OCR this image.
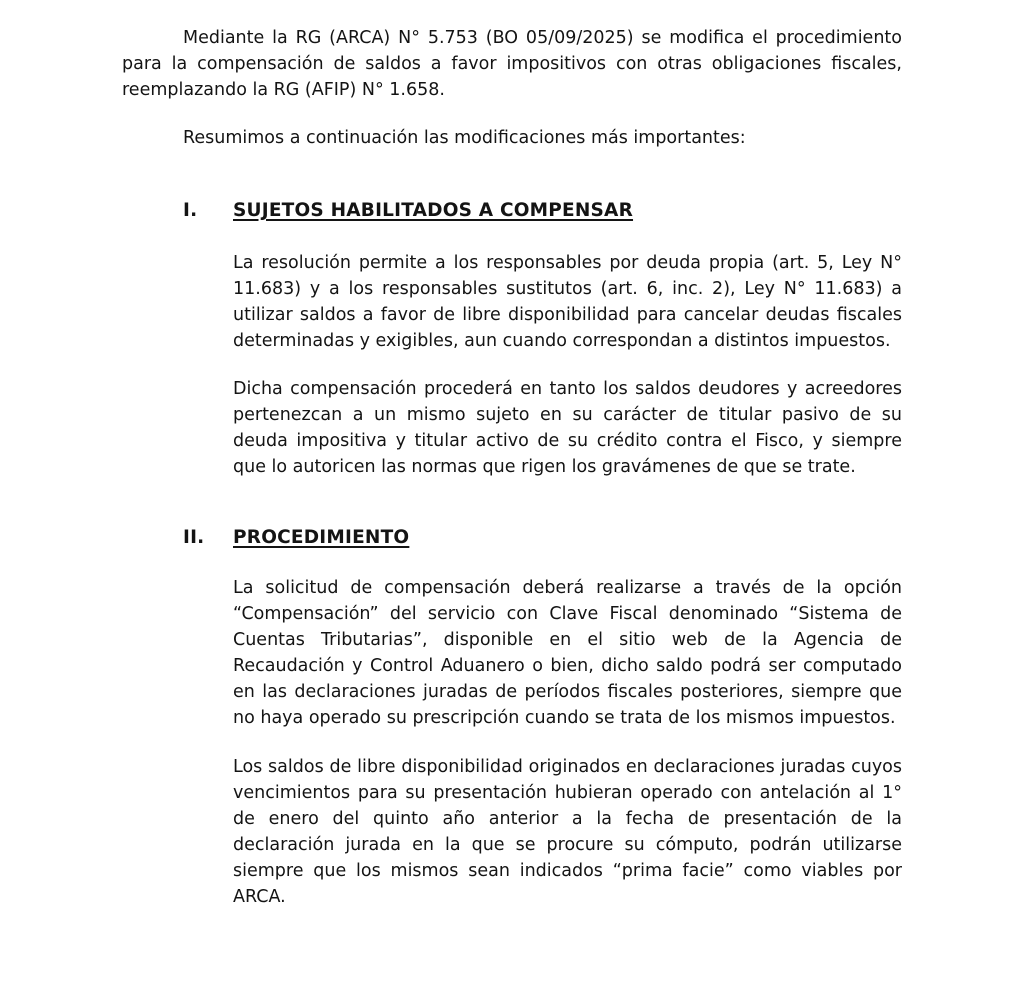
Mediante la RG (ARCA) N° 5.753 (BO 05/09/2025) se modifica el procedimiento para la compensación de saldos a favor impositivos con otras obligaciones fiscales, reemplazando la RG (AFIP) N° 1.658.

Resumimos a continuación las modificaciones más importantes:

I.	SUJETOS HABILITADOS A COMPENSAR

La resolución permite a los responsables por deuda propia (art. 5, Ley N° 11.683) y a los responsables sustitutos (art. 6, inc. 2), Ley N° 11.683) a utilizar saldos a favor de libre disponibilidad para cancelar deudas fiscales determinadas y exigibles, aun cuando correspondan a distintos impuestos.

Dicha compensación procederá en tanto los saldos deudores y acreedores pertenezcan a un mismo sujeto en su carácter de titular pasivo de su deuda impositiva y titular activo de su crédito contra el Fisco, y siempre que lo autoricen las normas que rigen los gravámenes de que se trate.

II.	PROCEDIMIENTO

La solicitud de compensación deberá realizarse a través de la opción “Compensación” del servicio con Clave Fiscal denominado “Sistema de Cuentas Tributarias”, disponible en el sitio web de la Agencia de Recaudación y Control Aduanero o bien, dicho saldo podrá ser computado en las declaraciones juradas de períodos fiscales posteriores, siempre que no haya operado su prescripción cuando se trata de los mismos impuestos.

Los saldos de libre disponibilidad originados en declaraciones juradas cuyos vencimientos para su presentación hubieran operado con antelación al 1° de enero del quinto año anterior a la fecha de presentación de la declaración jurada en la que se procure su cómputo, podrán utilizarse siempre que los mismos sean indicados “prima facie” como viables por ARCA.
